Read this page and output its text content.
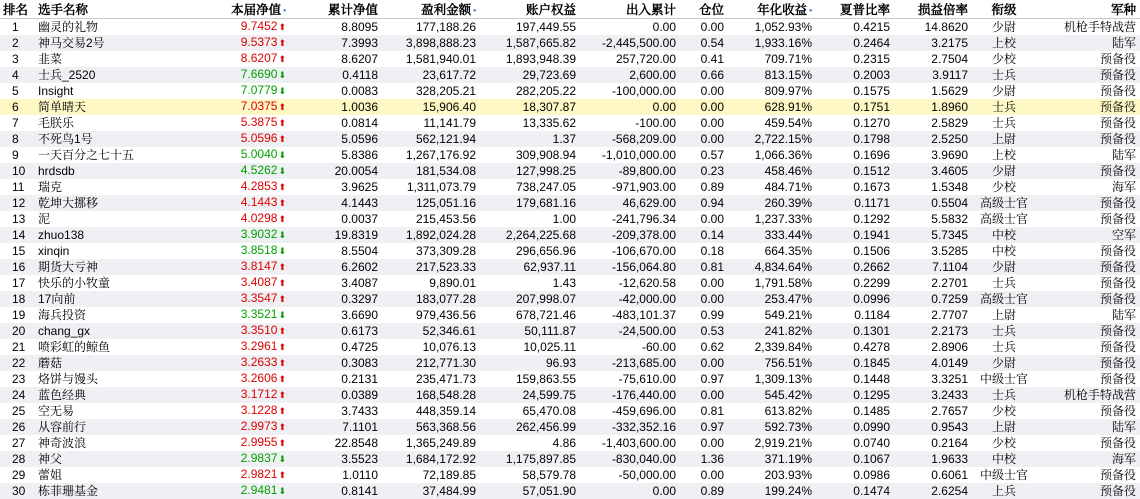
排名	选手名称	本届净值 •	累计净值	盈利金额 •	账户权益	出入累计	仓位	年化收益 •	夏普比率	损益倍率	衔级	军种
1	幽灵的礼物	9.7452⬆	8.8095	177,188.26	197,449.55	0.00	0.00	1,052.93%	0.4215	14.8620	少尉	机枪手特战营
2	神马交易2号	9.5373⬆	7.3993	3,898,888.23	1,587,665.82	-2,445,500.00	0.54	1,933.16%	0.2464	3.2175	上校	陆军
3	韭菜	8.6207⬆	8.6207	1,581,940.01	1,893,948.39	257,720.00	0.41	709.71%	0.2315	2.7504	少校	预备役
4	士兵_2520	7.6690⬇	0.4118	23,617.72	29,723.69	2,600.00	0.66	813.15%	0.2003	3.9117	士兵	预备役
5	Insight	7.0779⬇	0.0083	328,205.21	282,205.22	-100,000.00	0.00	809.97%	0.1575	1.5629	少尉	预备役
6	简单晴天	7.0375⬆	1.0036	15,906.40	18,307.87	0.00	0.00	628.91%	0.1751	1.8960	士兵	预备役
7	毛朕乐	5.3875⬆	0.0814	11,141.79	13,335.62	-100.00	0.00	459.54%	0.1270	2.5829	士兵	预备役
8	不死鸟1号	5.0596⬆	5.0596	562,121.94	1.37	-568,209.00	0.00	2,722.15%	0.1798	2.5250	上尉	预备役
9	一天百分之七十五	5.0040⬇	5.8386	1,267,176.92	309,908.94	-1,010,000.00	0.57	1,066.36%	0.1696	3.9690	上校	陆军
10	hrdsdb	4.5262⬇	20.0054	181,534.08	127,998.25	-89,800.00	0.23	458.46%	0.1512	3.4605	少尉	预备役
11	瑞克	4.2853⬆	3.9625	1,311,073.79	738,247.05	-971,903.00	0.89	484.71%	0.1673	1.5348	少校	海军
12	乾坤大挪移	4.1443⬆	4.1443	125,051.16	179,681.16	46,629.00	0.94	260.39%	0.1171	0.5504	高级士官	预备役
13	泥	4.0298⬆	0.0037	215,453.56	1.00	-241,796.34	0.00	1,237.33%	0.1292	5.5832	高级士官	预备役
14	zhuo138	3.9032⬇	19.8319	1,892,024.28	2,264,225.68	-209,378.00	0.14	333.44%	0.1941	5.7345	中校	空军
15	xinqin	3.8518⬇	8.5504	373,309.28	296,656.96	-106,670.00	0.18	664.35%	0.1506	3.5285	中校	预备役
16	期货大亏神	3.8147⬆	6.2602	217,523.33	62,937.11	-156,064.80	0.81	4,834.64%	0.2662	7.1104	少尉	预备役
17	快乐的小牧童	3.4087⬆	3.4087	9,890.01	1.43	-12,620.58	0.00	1,791.58%	0.2299	2.2701	士兵	预备役
18	17向前	3.3547⬆	0.3297	183,077.28	207,998.07	-42,000.00	0.00	253.47%	0.0996	0.7259	高级士官	预备役
19	海兵投资	3.3521⬇	3.6690	979,436.56	678,721.46	-483,101.37	0.99	549.21%	0.1184	2.7707	上尉	陆军
20	chang_gx	3.3510⬆	0.6173	52,346.61	50,111.87	-24,500.00	0.53	241.82%	0.1301	2.2173	士兵	预备役
21	喷彩虹的鲸鱼	3.2961⬆	0.4725	10,076.13	10,025.11	-60.00	0.62	2,339.84%	0.4278	2.8906	士兵	预备役
22	蘑菇	3.2633⬆	0.3083	212,771.30	96.93	-213,685.00	0.00	756.51%	0.1845	4.0149	少尉	预备役
23	烙饼与馒头	3.2606⬆	0.2131	235,471.73	159,863.55	-75,610.00	0.97	1,309.13%	0.1448	3.3251	中级士官	预备役
24	蓝色经典	3.1712⬆	0.0389	168,548.28	24,599.75	-176,440.00	0.00	545.42%	0.1295	3.2433	士兵	机枪手特战营
25	空无易	3.1228⬆	3.7433	448,359.14	65,470.08	-459,696.00	0.81	613.82%	0.1485	2.7657	少校	预备役
26	从容前行	2.9973⬆	7.1101	563,368.56	262,456.99	-332,352.16	0.97	592.73%	0.0990	0.9543	上尉	陆军
27	神奇波浪	2.9955⬆	22.8548	1,365,249.89	4.86	-1,403,600.00	0.00	2,919.21%	0.0740	0.2164	少校	预备役
28	神父	2.9837⬇	3.5523	1,684,172.92	1,175,897.85	-830,040.00	1.36	371.19%	0.1067	1.9633	中校	海军
29	蕾姐	2.9821⬆	1.0110	72,189.85	58,579.78	-50,000.00	0.00	203.93%	0.0986	0.6061	中级士官	预备役
30	栋菲珊基金	2.9481⬇	0.8141	37,484.99	57,051.90	0.00	0.89	199.24%	0.1474	2.6254	上兵	预备役
